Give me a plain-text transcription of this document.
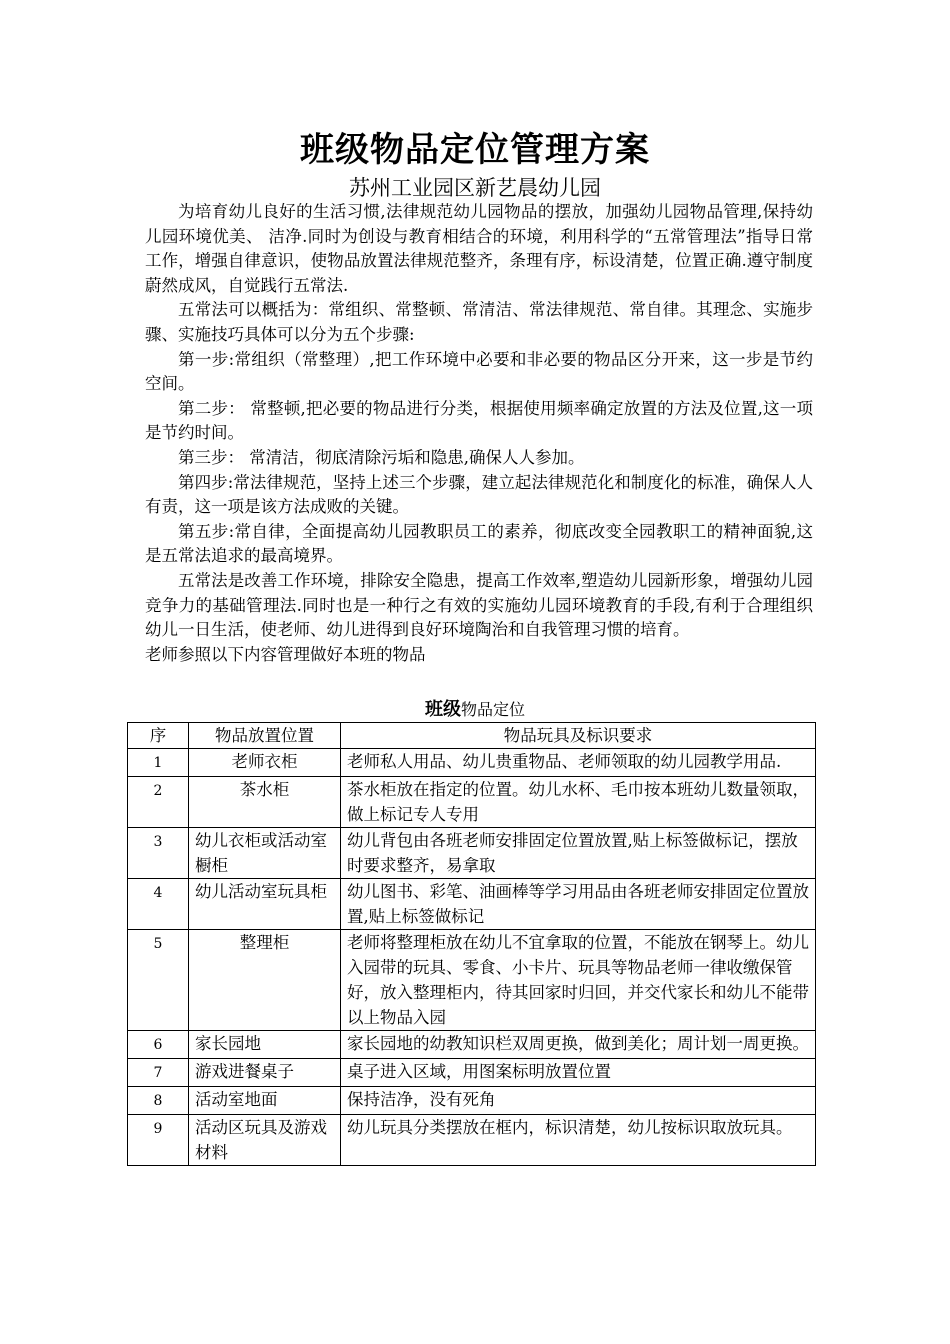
班级物品定位管理方案
苏州工业园区新艺晨幼儿园

为培育幼儿良好的生活习惯,法律规范幼儿园物品的摆放，加强幼儿园物品管理,保持幼儿园环境优美、 洁净.同时为创设与教育相结合的环境，利用科学的“五常管理法”指导日常工作，增强自律意识，使物品放置法律规范整齐，条理有序，标设清楚，位置正确.遵守制度蔚然成风，自觉践行五常法.

五常法可以概括为：常组织、常整顿、常清洁、常法律规范、常自律。其理念、实施步骤、实施技巧具体可以分为五个步骤:

第一步:常组织（常整理）,把工作环境中必要和非必要的物品区分开来，这一步是节约空间。

第二步： 常整顿,把必要的物品进行分类，根据使用频率确定放置的方法及位置,这一项是节约时间。

第三步： 常清洁，彻底清除污垢和隐患,确保人人参加。

第四步:常法律规范，坚持上述三个步骤，建立起法律规范化和制度化的标准，确保人人有责，这一项是该方法成败的关键。

第五步:常自律，全面提高幼儿园教职员工的素养，彻底改变全园教职工的精神面貌,这是五常法追求的最高境界。

五常法是改善工作环境，排除安全隐患，提高工作效率,塑造幼儿园新形象，增强幼儿园竞争力的基础管理法.同时也是一种行之有效的实施幼儿园环境教育的手段,有利于合理组织幼儿一日生活，使老师、幼儿进得到良好环境陶治和自我管理习惯的培育。

老师参照以下内容管理做好本班的物品

班级物品定位
序	物品放置位置	物品玩具及标识要求
1	老师衣柜	老师私人用品、幼儿贵重物品、老师领取的幼儿园教学用品.
2	茶水柜	茶水柜放在指定的位置。幼儿水杯、毛巾按本班幼儿数量领取，做上标记专人专用
3	幼儿衣柜或活动室橱柜	幼儿背包由各班老师安排固定位置放置,贴上标签做标记，摆放时要求整齐，易拿取
4	幼儿活动室玩具柜	幼儿图书、彩笔、油画棒等学习用品由各班老师安排固定位置放置,贴上标签做标记
5	整理柜	老师将整理柜放在幼儿不宜拿取的位置，不能放在钢琴上。幼儿入园带的玩具、零食、小卡片、玩具等物品老师一律收缴保管好，放入整理柜内，待其回家时归回，并交代家长和幼儿不能带以上物品入园
6	家长园地	家长园地的幼教知识栏双周更换，做到美化；周计划一周更换。
7	游戏进餐桌子	桌子进入区域，用图案标明放置位置
8	活动室地面	保持洁净，没有死角
9	活动区玩具及游戏材料	幼儿玩具分类摆放在框内，标识清楚，幼儿按标识取放玩具。
